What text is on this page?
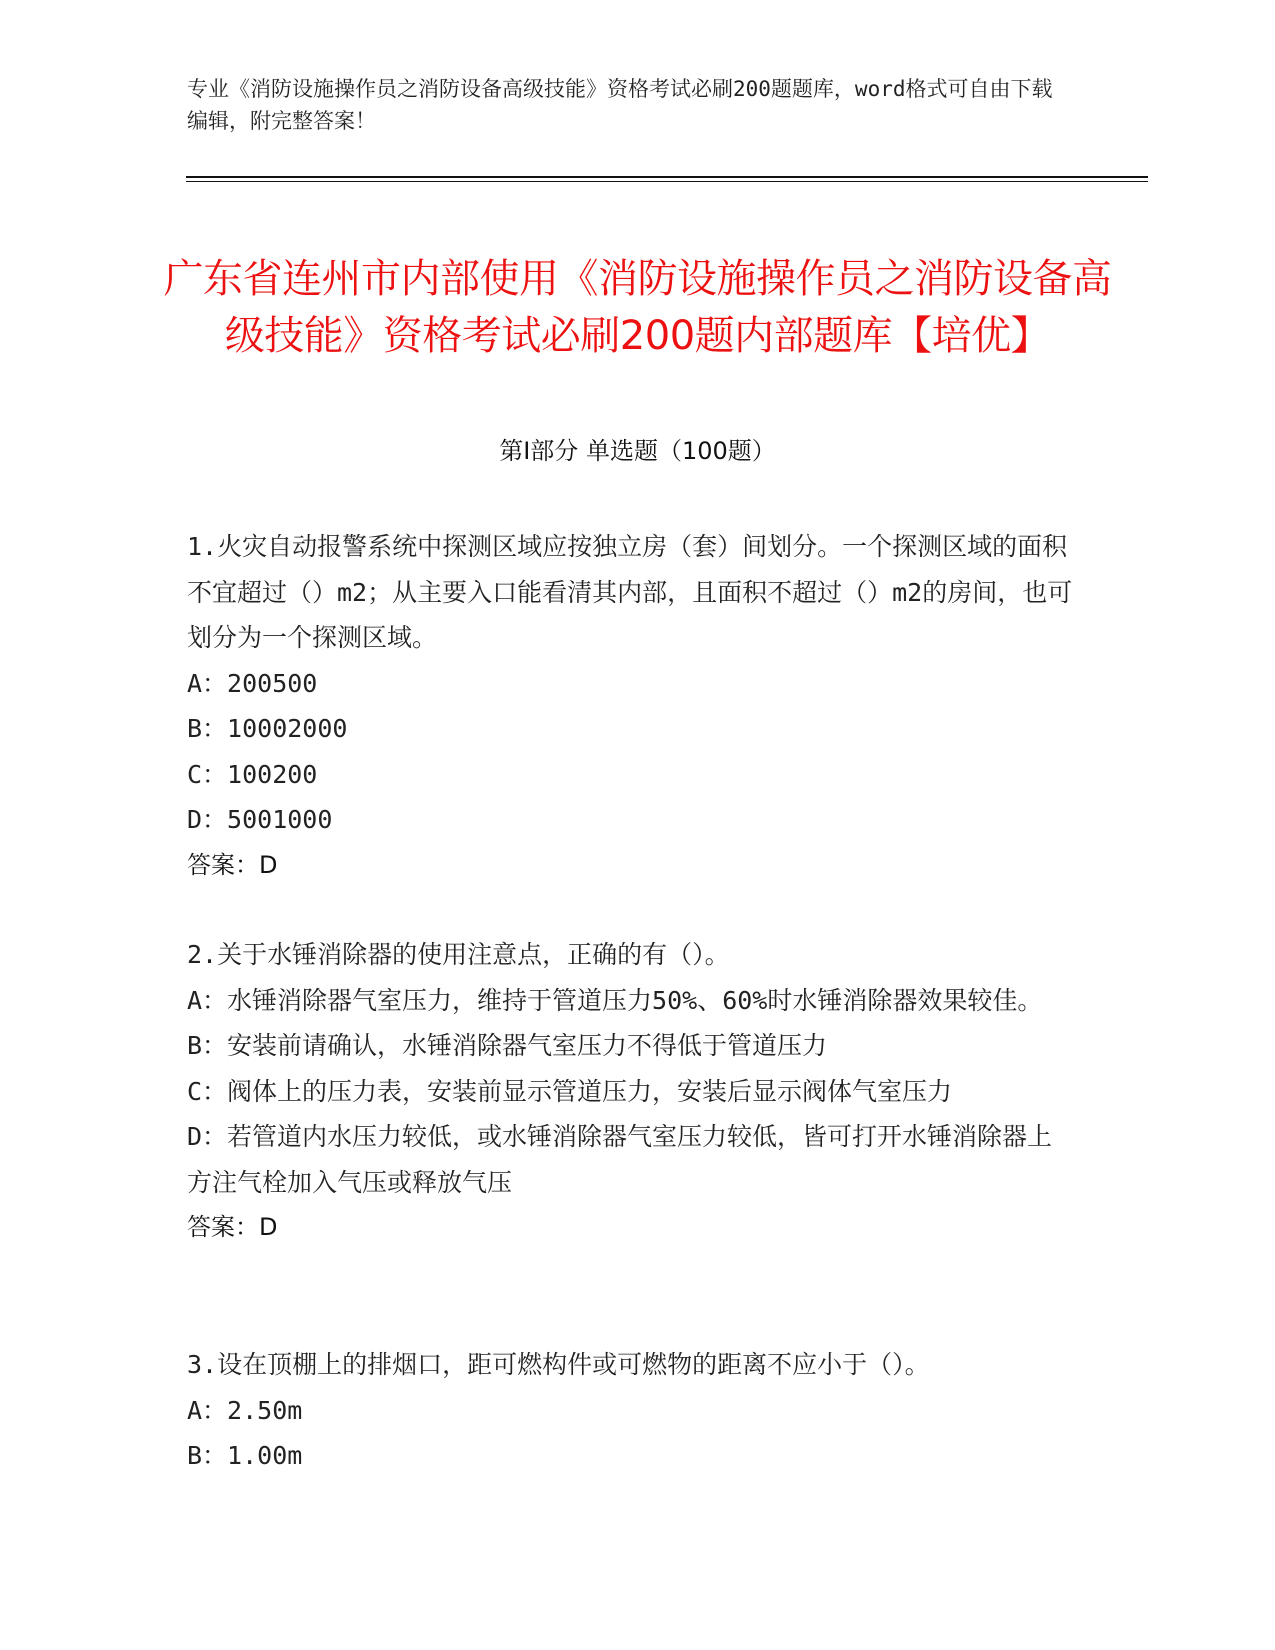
专业《消防设施操作员之消防设备高级技能》资格考试必刷200题题库，word格式可自由下载编辑，附完整答案！
广东省连州市内部使用《消防设施操作员之消防设备高级技能》资格考试必刷200题内部题库【培优】
第Ⅰ部分 单选题（100题）

1.火灾自动报警系统中探测区域应按独立房（套）间划分。一个探测区域的面积不宜超过（）m2；从主要入口能看清其内部，且面积不超过（）m2的房间，也可划分为一个探测区域。

A：200500

B：10002000

C：100200

D：5001000

答案：D

2.关于水锤消除器的使用注意点，正确的有（）。

A：水锤消除器气室压力，维持于管道压力50%、60%时水锤消除器效果较佳。

B：安装前请确认，水锤消除器气室压力不得低于管道压力

C：阀体上的压力表，安装前显示管道压力，安装后显示阀体气室压力

D：若管道内水压力较低，或水锤消除器气室压力较低，皆可打开水锤消除器上方注气栓加入气压或释放气压

答案：D

3.设在顶棚上的排烟口，距可燃构件或可燃物的距离不应小于（）。

A：2.50m

B：1.00m
